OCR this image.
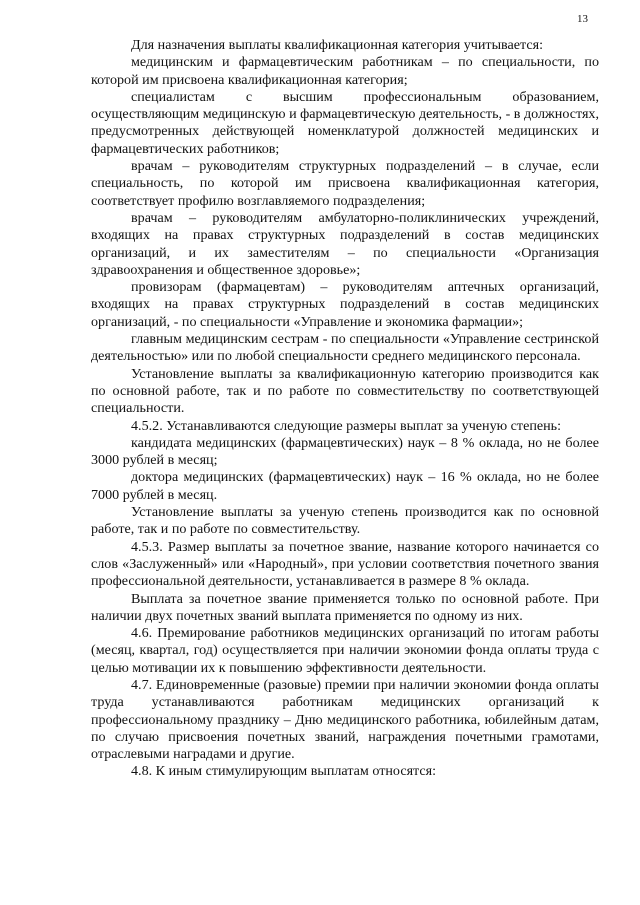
13

Для назначения выплаты квалификационная категория учитывается:

медицинским и фармацевтическим работникам – по специальности, по которой им присвоена квалификационная категория;

специалистам с высшим профессиональным образованием, осуществляющим медицинскую и фармацевтическую деятельность, - в должностях, предусмотренных действующей номенклатурой должностей медицинских и фармацевтических работников;

врачам – руководителям структурных подразделений – в случае, если специальность, по которой им присвоена квалификационная категория, соответствует профилю возглавляемого подразделения;

врачам – руководителям амбулаторно-поликлинических учреждений, входящих на правах структурных подразделений в состав медицинских организаций, и их заместителям – по специальности «Организация здравоохранения и общественное здоровье»;

провизорам (фармацевтам) – руководителям аптечных организаций, входящих на правах структурных подразделений в состав медицинских организаций, - по специальности «Управление и экономика фармации»;

главным медицинским сестрам - по специальности «Управление сестринской деятельностью» или по любой специальности среднего медицинского персонала.

Установление выплаты за квалификационную категорию производится как по основной работе, так и по работе по совместительству по соответствующей специальности.

4.5.2. Устанавливаются следующие размеры выплат за ученую степень:

кандидата медицинских (фармацевтических) наук – 8 % оклада, но не более 3000 рублей в месяц;

доктора медицинских (фармацевтических) наук – 16 % оклада, но не более 7000 рублей в месяц.

Установление выплаты за ученую степень производится как по основной работе, так и по работе по совместительству.

4.5.3. Размер выплаты за почетное звание, название которого начинается со слов «Заслуженный» или «Народный», при условии соответствия почетного звания профессиональной деятельности, устанавливается в размере 8 % оклада.

Выплата за почетное звание применяется только по основной работе. При наличии двух почетных званий выплата применяется по одному из них.

4.6. Премирование работников медицинских организаций по итогам работы (месяц, квартал, год) осуществляется при наличии экономии фонда оплаты труда с целью мотивации их к повышению эффективности деятельности.

4.7. Единовременные (разовые) премии при наличии экономии фонда оплаты труда устанавливаются работникам медицинских организаций к профессиональному празднику – Дню медицинского работника, юбилейным датам, по случаю присвоения почетных званий, награждения почетными грамотами, отраслевыми наградами и другие.

4.8. К иным стимулирующим выплатам относятся:
